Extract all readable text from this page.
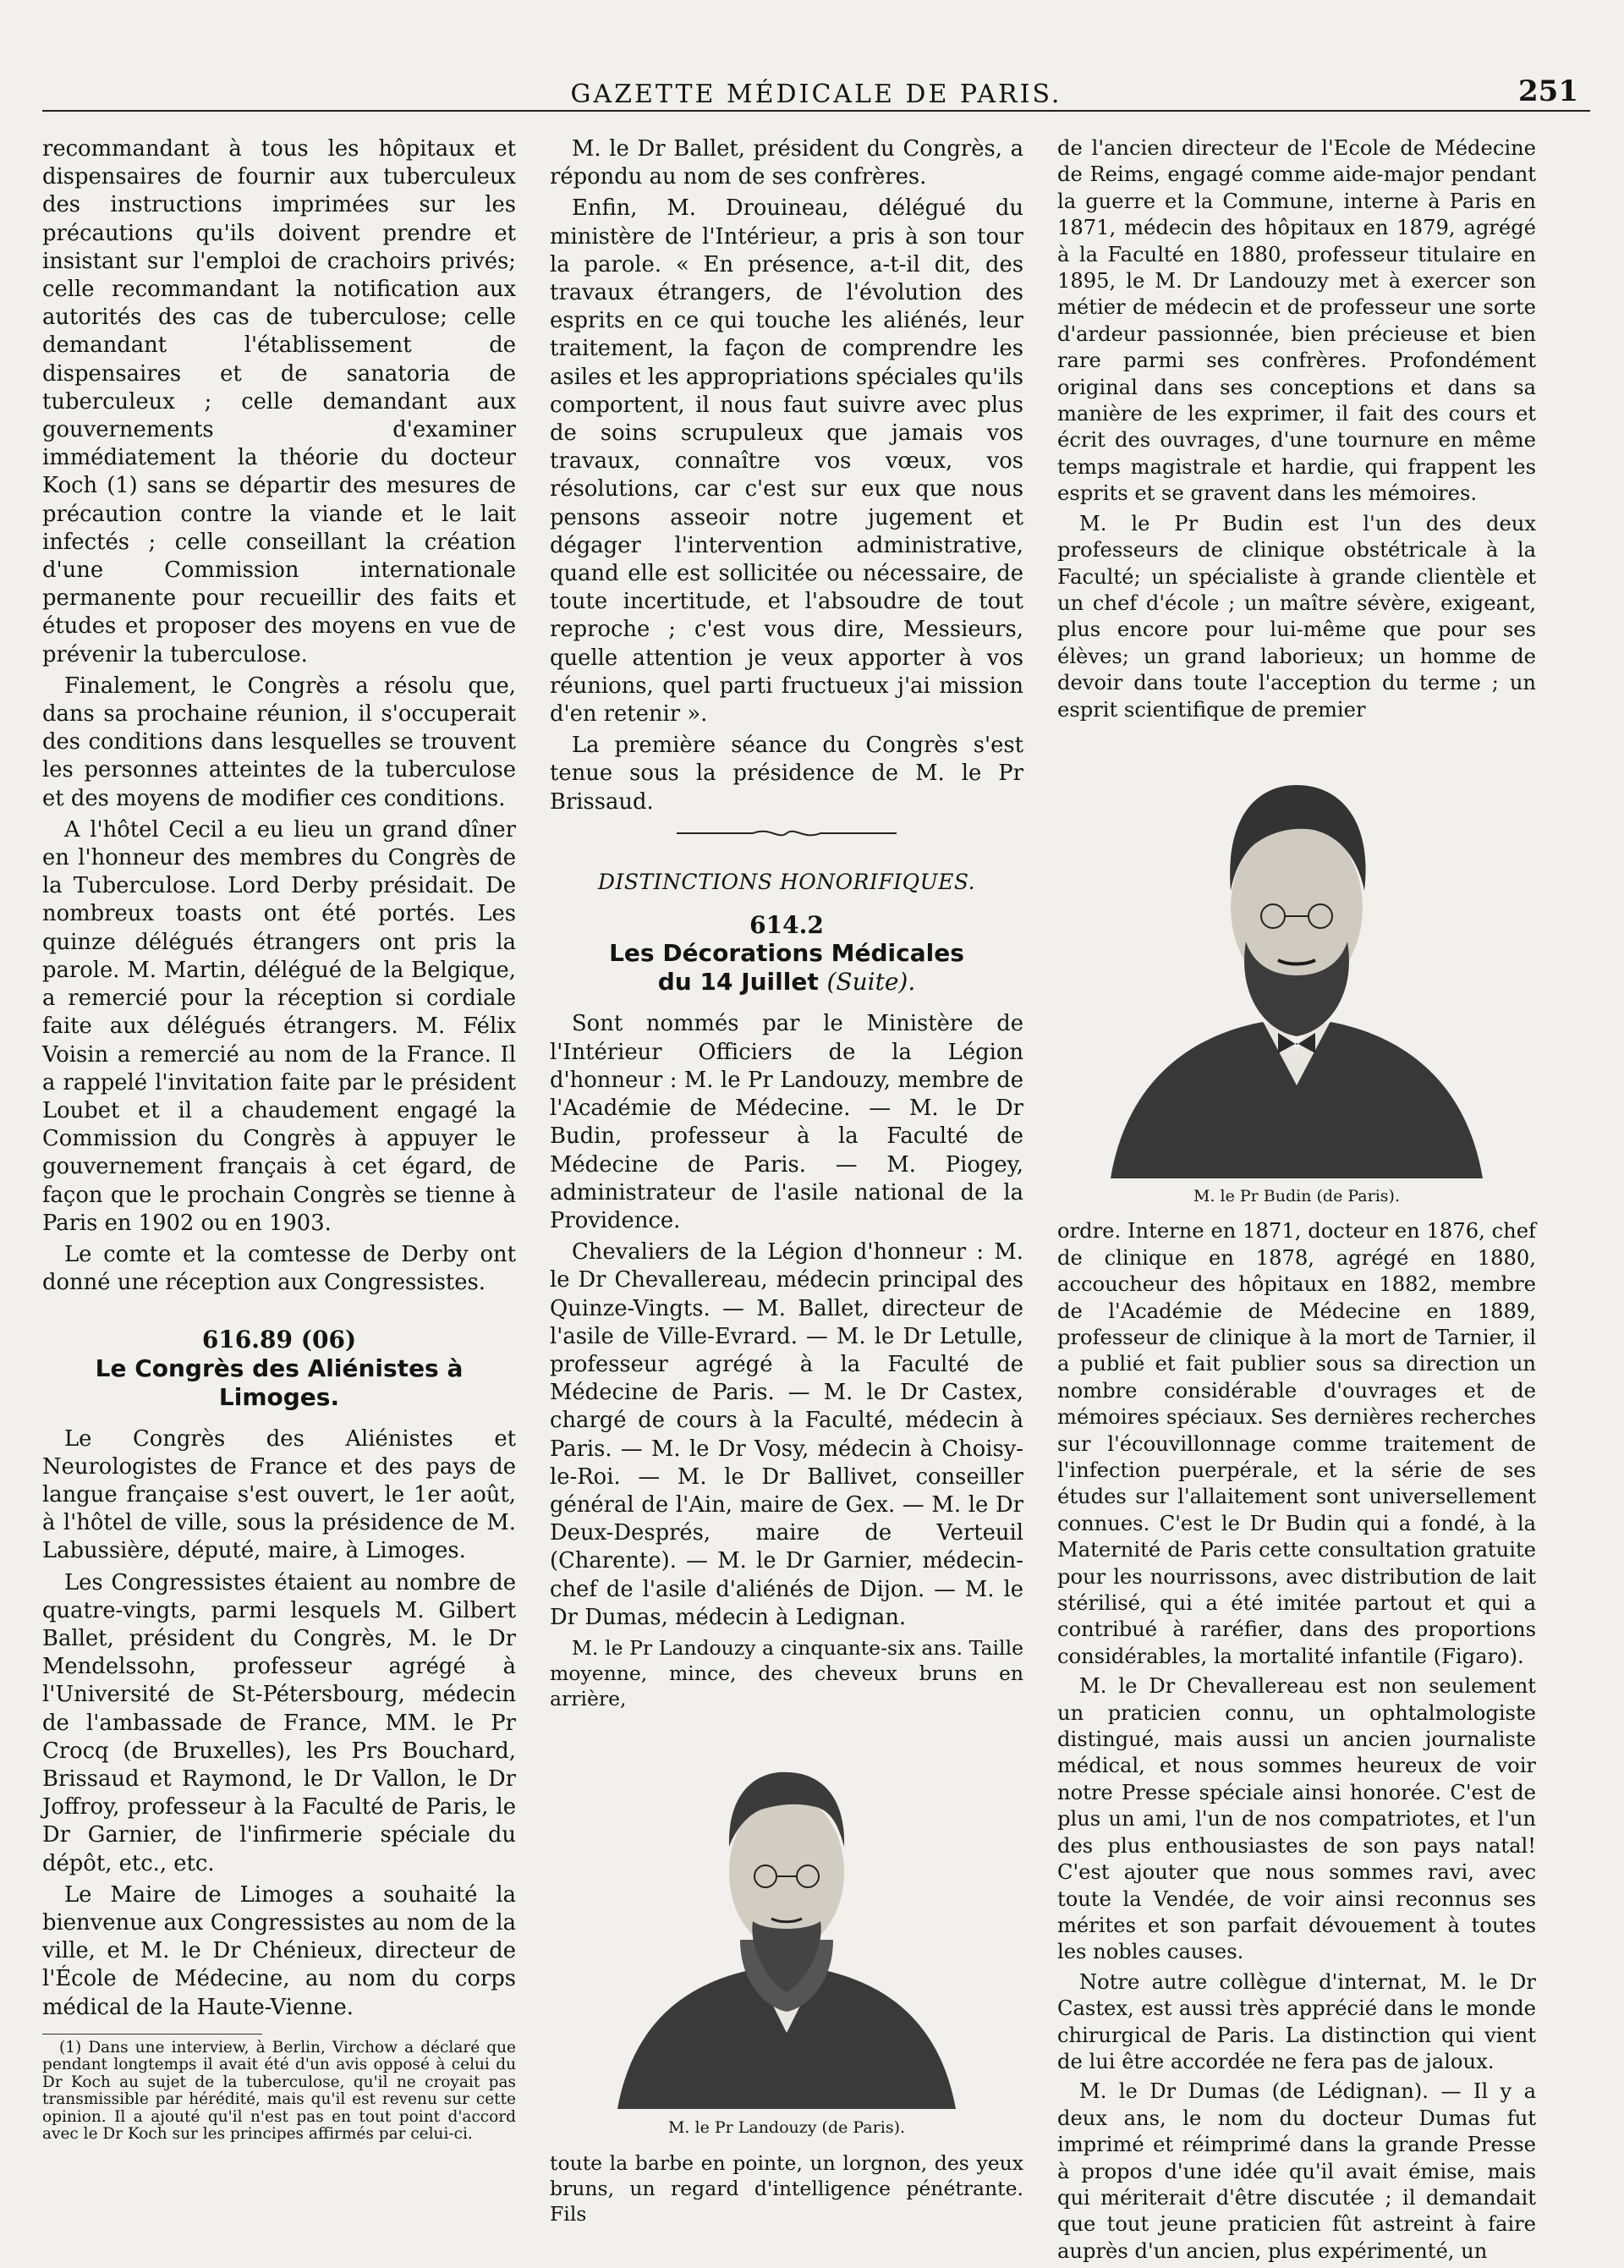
GAZETTE MÉDICALE DE PARIS.	251

recommandant à tous les hôpitaux et dispensaires de fournir aux tuberculeux des instructions imprimées sur les précautions qu'ils doivent prendre et insistant sur l'emploi de crachoirs privés; celle recommandant la notification aux autorités des cas de tuberculose; celle demandant l'établissement de dispensaires et de sanatoria de tuberculeux ; celle demandant aux gouvernements d'examiner immédiatement la théorie du docteur Koch (1) sans se départir des mesures de précaution contre la viande et le lait infectés ; celle conseillant la création d'une Commission internationale permanente pour recueillir des faits et études et proposer des moyens en vue de prévenir la tuberculose.

Finalement, le Congrès a résolu que, dans sa prochaine réunion, il s'occuperait des conditions dans lesquelles se trouvent les personnes atteintes de la tuberculose et des moyens de modifier ces conditions.

A l'hôtel Cecil a eu lieu un grand dîner en l'honneur des membres du Congrès de la Tuberculose. Lord Derby présidait. De nombreux toasts ont été portés. Les quinze délégués étrangers ont pris la parole. M. Martin, délégué de la Belgique, a remercié pour la réception si cordiale faite aux délégués étrangers. M. Félix Voisin a remercié au nom de la France. Il a rappelé l'invitation faite par le président Loubet et il a chaudement engagé la Commission du Congrès à appuyer le gouvernement français à cet égard, de façon que le prochain Congrès se tienne à Paris en 1902 ou en 1903.

Le comte et la comtesse de Derby ont donné une réception aux Congressistes.

616.89 (06)
Le Congrès des Aliénistes à Limoges.

Le Congrès des Aliénistes et Neurologistes de France et des pays de langue française s'est ouvert, le 1er août, à l'hôtel de ville, sous la présidence de M. Labussière, député, maire, à Limoges.

Les Congressistes étaient au nombre de quatre-vingts, parmi lesquels M. Gilbert Ballet, président du Congrès, M. le Dr Mendelssohn, professeur agrégé à l'Université de St-Pétersbourg, médecin de l'ambassade de France, MM. le Pr Crocq (de Bruxelles), les Prs Bouchard, Brissaud et Raymond, le Dr Vallon, le Dr Joffroy, professeur à la Faculté de Paris, le Dr Garnier, de l'infirmerie spéciale du dépôt, etc., etc.

Le Maire de Limoges a souhaité la bienvenue aux Congressistes au nom de la ville, et M. le Dr Chénieux, directeur de l'École de Médecine, au nom du corps médical de la Haute-Vienne.

(1) Dans une interview, à Berlin, Virchow a déclaré que pendant longtemps il avait été d'un avis opposé à celui du Dr Koch au sujet de la tuberculose, qu'il ne croyait pas transmissible par hérédité, mais qu'il est revenu sur cette opinion. Il a ajouté qu'il n'est pas en tout point d'accord avec le Dr Koch sur les principes affirmés par celui-ci.

M. le Dr Ballet, président du Congrès, a répondu au nom de ses confrères.

Enfin, M. Drouineau, délégué du ministère de l'Intérieur, a pris à son tour la parole. « En présence, a-t-il dit, des travaux étrangers, de l'évolution des esprits en ce qui touche les aliénés, leur traitement, la façon de comprendre les asiles et les appropriations spéciales qu'ils comportent, il nous faut suivre avec plus de soins scrupuleux que jamais vos travaux, connaître vos vœux, vos résolutions, car c'est sur eux que nous pensons asseoir notre jugement et dégager l'intervention administrative, quand elle est sollicitée ou nécessaire, de toute incertitude, et l'absoudre de tout reproche ; c'est vous dire, Messieurs, quelle attention je veux apporter à vos réunions, quel parti fructueux j'ai mission d'en retenir ».

La première séance du Congrès s'est tenue sous la présidence de M. le Pr Brissaud.

DISTINCTIONS HONORIFIQUES.
614.2
Les Décorations Médicales
du 14 Juillet (Suite).

Sont nommés par le Ministère de l'Intérieur Officiers de la Légion d'honneur : M. le Pr Landouzy, membre de l'Académie de Médecine. — M. le Dr Budin, professeur à la Faculté de Médecine de Paris. — M. Piogey, administrateur de l'asile national de la Providence.

Chevaliers de la Légion d'honneur : M. le Dr Chevallereau, médecin principal des Quinze-Vingts. — M. Ballet, directeur de l'asile de Ville-Evrard. — M. le Dr Letulle, professeur agrégé à la Faculté de Médecine de Paris. — M. le Dr Castex, chargé de cours à la Faculté, médecin à Paris. — M. le Dr Vosy, médecin à Choisy-le-Roi. — M. le Dr Ballivet, conseiller général de l'Ain, maire de Gex. — M. le Dr Deux-Després, maire de Verteuil (Charente). — M. le Dr Garnier, médecin-chef de l'asile d'aliénés de Dijon. — M. le Dr Dumas, médecin à Ledignan.

M. le Pr Landouzy a cinquante-six ans. Taille moyenne, mince, des cheveux bruns en arrière,

M. le Pr Landouzy (de Paris).

toute la barbe en pointe, un lorgnon, des yeux bruns, un regard d'intelligence pénétrante. Fils

de l'ancien directeur de l'Ecole de Médecine de Reims, engagé comme aide-major pendant la guerre et la Commune, interne à Paris en 1871, médecin des hôpitaux en 1879, agrégé à la Faculté en 1880, professeur titulaire en 1895, le M. Dr Landouzy met à exercer son métier de médecin et de professeur une sorte d'ardeur passionnée, bien précieuse et bien rare parmi ses confrères. Profondément original dans ses conceptions et dans sa manière de les exprimer, il fait des cours et écrit des ouvrages, d'une tournure en même temps magistrale et hardie, qui frappent les esprits et se gravent dans les mémoires.

M. le Pr Budin est l'un des deux professeurs de clinique obstétricale à la Faculté; un spécialiste à grande clientèle et un chef d'école ; un maître sévère, exigeant, plus encore pour lui-même que pour ses élèves; un grand laborieux; un homme de devoir dans toute l'acception du terme ; un esprit scientifique de premier

M. le Pr Budin (de Paris).

ordre. Interne en 1871, docteur en 1876, chef de clinique en 1878, agrégé en 1880, accoucheur des hôpitaux en 1882, membre de l'Académie de Médecine en 1889, professeur de clinique à la mort de Tarnier, il a publié et fait publier sous sa direction un nombre considérable d'ouvrages et de mémoires spéciaux. Ses dernières recherches sur l'écouvillonnage comme traitement de l'infection puerpérale, et la série de ses études sur l'allaitement sont universellement connues. C'est le Dr Budin qui a fondé, à la Maternité de Paris cette consultation gratuite pour les nourrissons, avec distribution de lait stérilisé, qui a été imitée partout et qui a contribué à raréfier, dans des proportions considérables, la mortalité infantile (Figaro).

M. le Dr Chevallereau est non seulement un praticien connu, un ophtalmologiste distingué, mais aussi un ancien journaliste médical, et nous sommes heureux de voir notre Presse spéciale ainsi honorée. C'est de plus un ami, l'un de nos compatriotes, et l'un des plus enthousiastes de son pays natal! C'est ajouter que nous sommes ravi, avec toute la Vendée, de voir ainsi reconnus ses mérites et son parfait dévouement à toutes les nobles causes.

Notre autre collègue d'internat, M. le Dr Castex, est aussi très apprécié dans le monde chirurgical de Paris. La distinction qui vient de lui être accordée ne fera pas de jaloux.

M. le Dr Dumas (de Lédignan). — Il y a deux ans, le nom du docteur Dumas fut imprimé et réimprimé dans la grande Presse à propos d'une idée qu'il avait émise, mais qui mériterait d'être discutée ; il demandait que tout jeune praticien fût astreint à faire auprès d'un ancien, plus expérimenté, un
